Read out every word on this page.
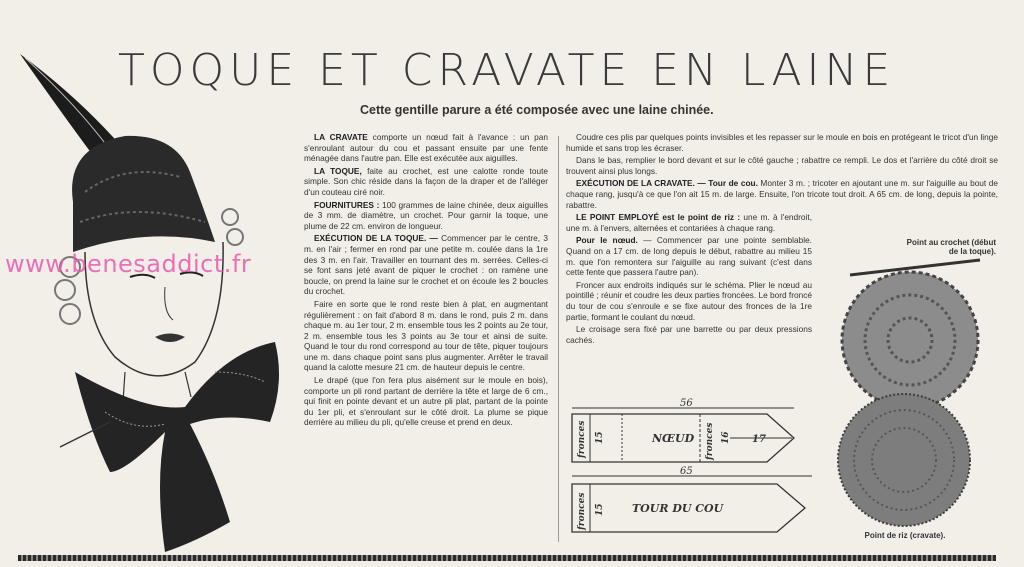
www.benesaddict.fr
TOQUE ET CRAVATE EN LAINE
Cette gentille parure a été composée avec une laine chinée.

LA CRAVATE comporte un nœud fait à l'avance : un pan s'enroulant autour du cou et passant ensuite par une fente ménagée dans l'autre pan. Elle est exécutée aux aiguilles.

LA TOQUE, faite au crochet, est une calotte ronde toute simple. Son chic réside dans la façon de la draper et de l'alléger d'un couteau ciré noir.

FOURNITURES : 100 grammes de laine chinée, deux aiguilles de 3 mm. de diamètre, un crochet. Pour garnir la toque, une plume de 22 cm. environ de longueur.

EXÉCUTION DE LA TOQUE. — Commencer par le centre, 3 m. en l'air ; fermer en rond par une petite m. coulée dans la 1re des 3 m. en l'air. Travailler en tournant des m. serrées. Celles-ci se font sans jeté avant de piquer le crochet : on ramène une boucle, on prend la laine sur le crochet et on écoule les 2 boucles du crochet.

Faire en sorte que le rond reste bien à plat, en augmentant régulièrement : on fait d'abord 8 m. dans le rond, puis 2 m. dans chaque m. au 1er tour, 2 m. ensemble tous les 2 points au 2e tour, 2 m. ensemble tous les 3 points au 3e tour et ainsi de suite. Quand le tour du rond correspond au tour de tête, piquer toujours une m. dans chaque point sans plus augmenter. Arrêter le travail quand la calotte mesure 21 cm. de hauteur depuis le centre.

Le drapé (que l'on fera plus aisément sur le moule en bois), comporte un pli rond partant de derrière la tête et large de 6 cm., qui finit en pointe devant et un autre pli plat, partant de la pointe du 1er pli, et s'enroulant sur le côté droit. La plume se pique derrière au milieu du pli, qu'elle creuse et prend en deux.

Coudre ces plis par quelques points invisibles et les repasser sur le moule en bois en protégeant le tricot d'un linge humide et sans trop les écraser.

Dans le bas, remplier le bord devant et sur le côté gauche ; rabattre ce rempli. Le dos et l'arrière du côté droit se trouvent ainsi plus longs.

EXÉCUTION DE LA CRAVATE. — Tour de cou. Monter 3 m. ; tricoter en ajoutant une m. sur l'aiguille au bout de chaque rang, jusqu'à ce que l'on ait 15 m. de large. Ensuite, l'on tricote tout droit. A 65 cm. de long, depuis la pointe, rabattre.

LE POINT EMPLOYÉ est le point de riz : une m. à l'endroit, une m. à l'envers, alternées et contariées à chaque rang.

Pour le nœud. — Commencer par une pointe semblable. Quand on a 17 cm. de long depuis le début, rabattre au milieu 15 m. que l'on remontera sur l'aiguille au rang suivant (c'est dans cette fente que passera l'autre pan).

Froncer aux endroits indiqués sur le schéma. Plier le nœud au pointillé ; réunir et coudre les deux parties froncées. Le bord froncé du tour de cou s'enroule e se fixe autour des fronces de la 1re partie, formant le coulant du nœud.

Le croisage sera fixé par une barrette ou par deux pressions cachés.

56
fronces 15	NŒUD fronces 16 17
65
fronces 15 TOUR DU COU
Point au crochet (début de la toque).
Point de riz (cravate).
